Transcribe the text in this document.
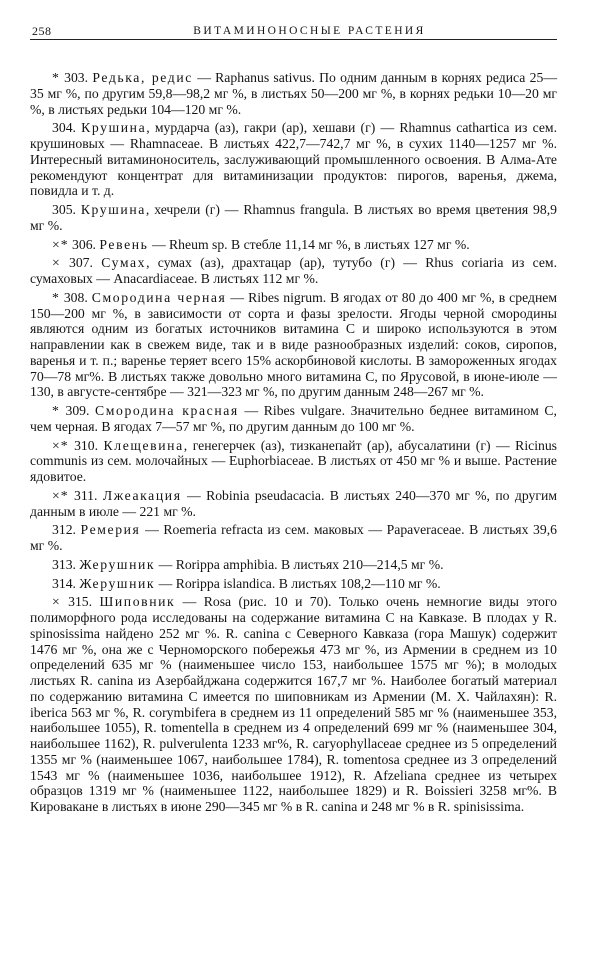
258	ВИТАМИНОНОСНЫЕ РАСТЕНИЯ

* 303. Редька, редис — Raphanus sativus. По одним данным в корнях редиса 25—35 мг %, по другим 59,8—98,2 мг %, в листьях 50—200 мг %, в корнях редьки 10—20 мг %, в листьях редьки 104—120 мг %.

304. Крушина, мурдарча (аз), гакри (ар), хешави (г) — Rhamnus cathartica из сем. крушиновых — Rhamnaceae. В листьях 422,7—742,7 мг %, в сухих 1140—1257 мг %. Интересный витаминоноситель, заслуживающий промышленного освоения. В Алма-Ате рекомендуют концентрат для витаминизации продуктов: пирогов, варенья, джема, повидла и т. д.

305. Крушина, хечрели (г) — Rhamnus frangula. В листьях во время цветения 98,9 мг %.

×* 306. Ревень — Rheum sp. В стебле 11,14 мг %, в листьях 127 мг %.

× 307. Сумах, сумах (аз), драхтацар (ар), тутубо (г) — Rhus coriaria из сем. сумаховых — Anacardiaceae. В листьях 112 мг %.

* 308. Смородина черная — Ribes nigrum. В ягодах от 80 до 400 мг %, в среднем 150—200 мг %, в зависимости от сорта и фазы зрелости. Ягоды черной смородины являются одним из богатых источников витамина С и широко используются в этом направлении как в свежем виде, так и в виде разнообразных изделий: соков, сиропов, варенья и т. п.; варенье теряет всего 15% аскорбиновой кислоты. В замороженных ягодах 70—78 мг%. В листьях также довольно много витамина С, по Ярусовой, в июне-июле — 130, в августе-сентябре — 321—323 мг %, по другим данным 248—267 мг %.

* 309. Смородина красная — Ribes vulgare. Значительно беднее витамином С, чем черная. В ягодах 7—57 мг %, по другим данным до 100 мг %.

×* 310. Клещевина, генегерчек (аз), тизканепайт (ар), абусалатини (г) — Ricinus communis из сем. молочайных — Euphorbiaceae. В листьях от 450 мг % и выше. Растение ядовитое.

×* 311. Лжеакация — Robinia pseudacacia. В листьях 240—370 мг %, по другим данным в июле — 221 мг %.

312. Ремерия — Roemeria refracta из сем. маковых — Papaveraceae. В листьях 39,6 мг %.

313. Жерушник — Rorippa amphibia. В листьях 210—214,5 мг %.

314. Жерушник — Rorippa islandica. В листьях 108,2—110 мг %.

× 315. Шиповник — Rosa (рис. 10 и 70). Только очень немногие виды этого полиморфного рода исследованы на содержание витамина С на Кавказе. В плодах у R. spinosissima найдено 252 мг %. R. canina с Северного Кавказа (гора Машук) содержит 1476 мг %, она же с Черноморского побережья 473 мг %, из Армении в среднем из 10 определений 635 мг % (наименьшее число 153, наибольшее 1575 мг %); в молодых листьях R. canina из Азербайджана содержится 167,7 мг %. Наиболее богатый материал по содержанию витамина С имеется по шиповникам из Армении (М. Х. Чайлахян): R. iberica 563 мг %, R. corymbifera в среднем из 11 определений 585 мг % (наименьшее 353, наибольшее 1055), R. tomentella в среднем из 4 определений 699 мг % (наименьшее 304, наибольшее 1162), R. pulverulenta 1233 мг%, R. caryophyllaceae среднее из 5 определений 1355 мг % (наименьшее 1067, наибольшее 1784), R. tomentosa среднее из 3 определений 1543 мг % (наименьшее 1036, наибольшее 1912), R. Afzeliana среднее из четырех образцов 1319 мг % (наименьшее 1122, наибольшее 1829) и R. Boissieri 3258 мг%. В Кировакане в листьях в июне 290—345 мг % в R. canina и 248 мг % в R. spinisissima.
